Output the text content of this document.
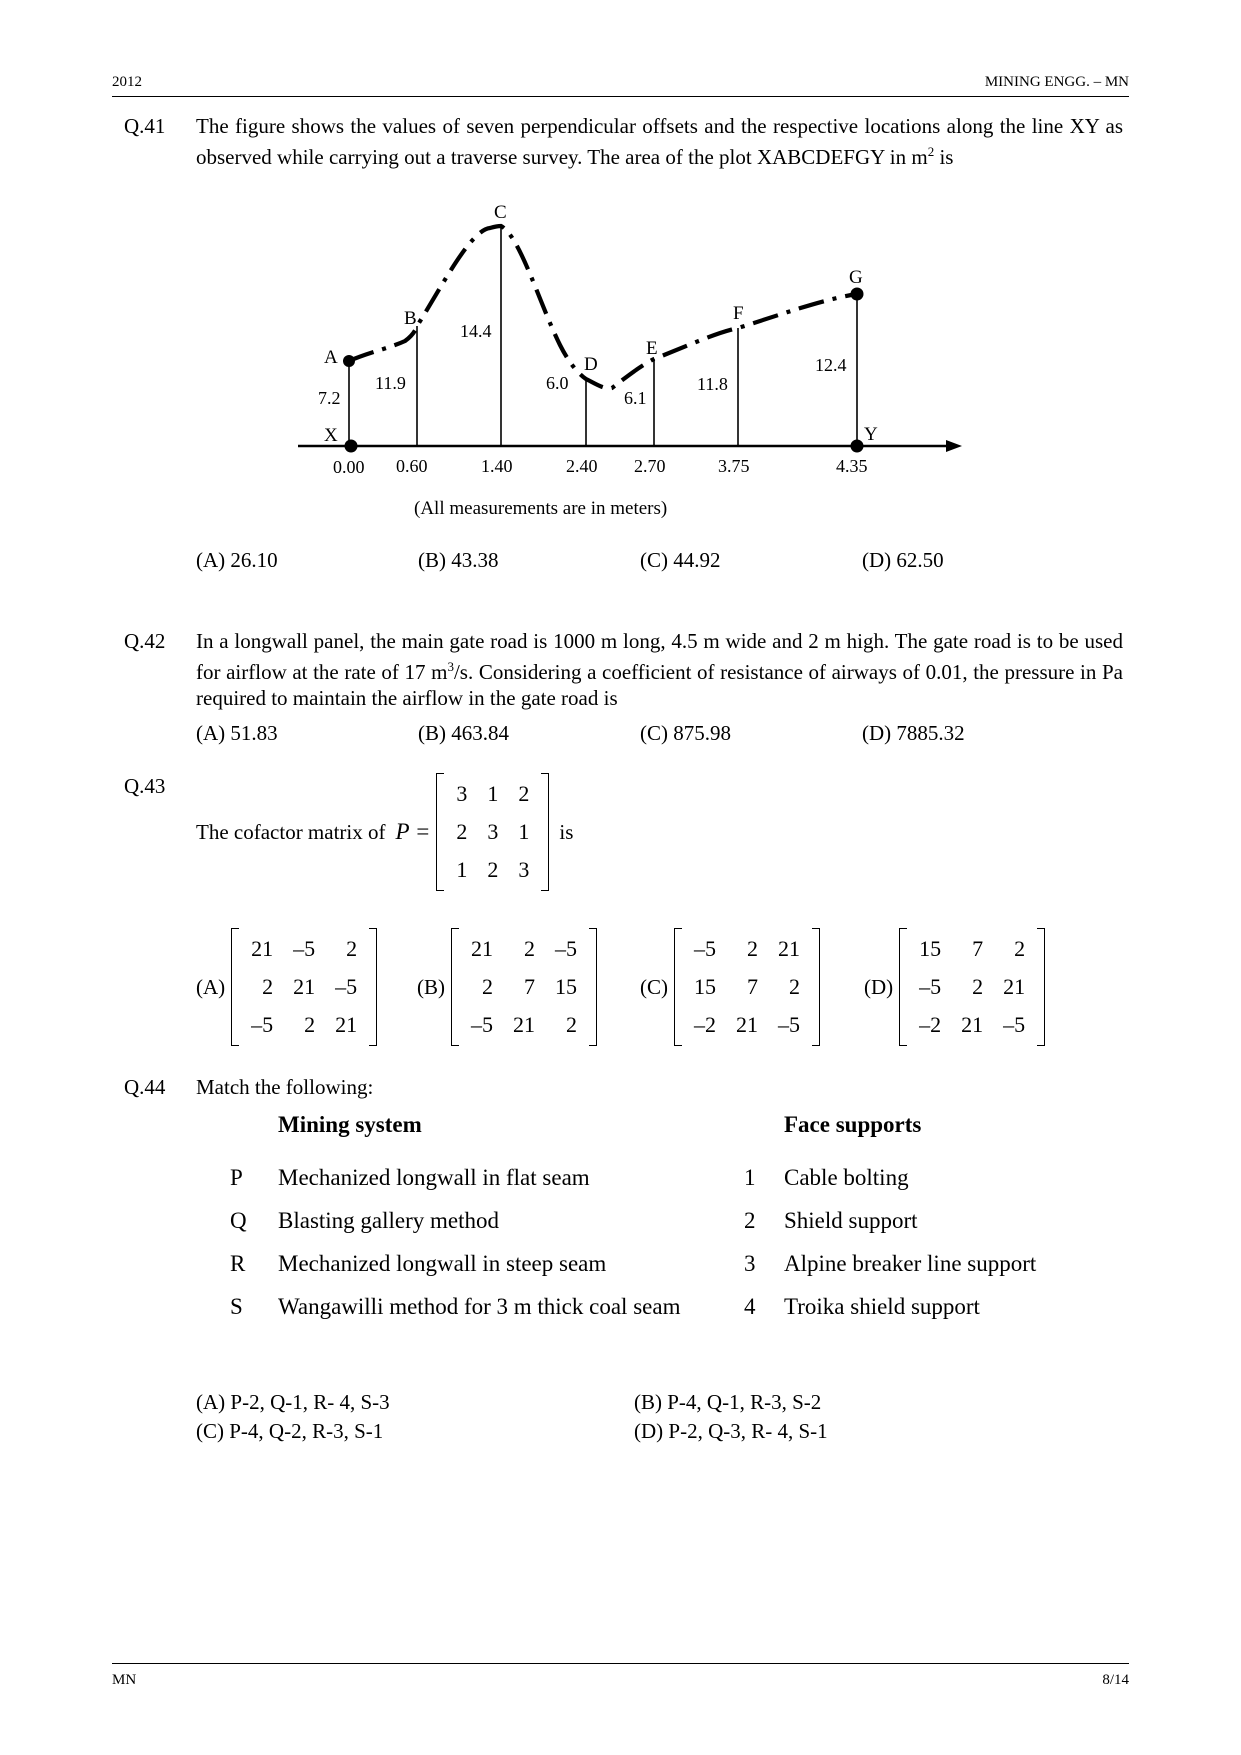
2012	MINING ENGG. – MN
Q.41 The figure shows the values of seven perpendicular offsets and the respective locations along the line XY as observed while carrying out a traverse survey. The area of the plot XABCDEFGY in $m^2$ is
A
B
C
D
E
F
G
X	Y
7.2
11.9
14.4
6.0
6.1
11.8
12.4
0.00 0.60	1.40	2.40 2.70	3.75	4.35
(All measurements are in meters)
(A) 26.10	(B) 43.38	(C) 44.92	(D) 62.50
Q.42 In a longwall panel, the main gate road is 1000 m long, 4.5 m wide and 2 m high. The gate road is to be used for airflow at the rate of 17 $m^3/s$. Considering a coefficient of resistance of airways of 0.01, the pressure in Pa required to maintain the airflow in the gate road is
(A) 51.83	(B) 463.84	(C) 875.98	(D) 7885.32
Q.43
The cofactor matrix of P =
3	1	2
2	3	1
1	2	3
is
(A)
21	–5	2
2	21	–5
–5	2	21
(B)
21	2	–5
2	7	15
–5	21	2
(C)
–5	2	21
15	7	2
–2	21	–5
(D)
15	7	2
–5	2	21
–2	21	–5
Q.44 Match the following:
	Mining system		Face supports
P	Mechanized longwall in flat seam	1	Cable bolting
Q	Blasting gallery method	2	Shield support
R	Mechanized longwall in steep seam	3	Alpine breaker line support
S	Wangawilli method for 3 m thick coal seam	4	Troika shield support
(A) P-2, Q-1, R- 4, S-3	(B) P-4, Q-1, R-3, S-2
(C) P-4, Q-2, R-3, S-1	(D) P-2, Q-3, R- 4, S-1
MN	8/14
